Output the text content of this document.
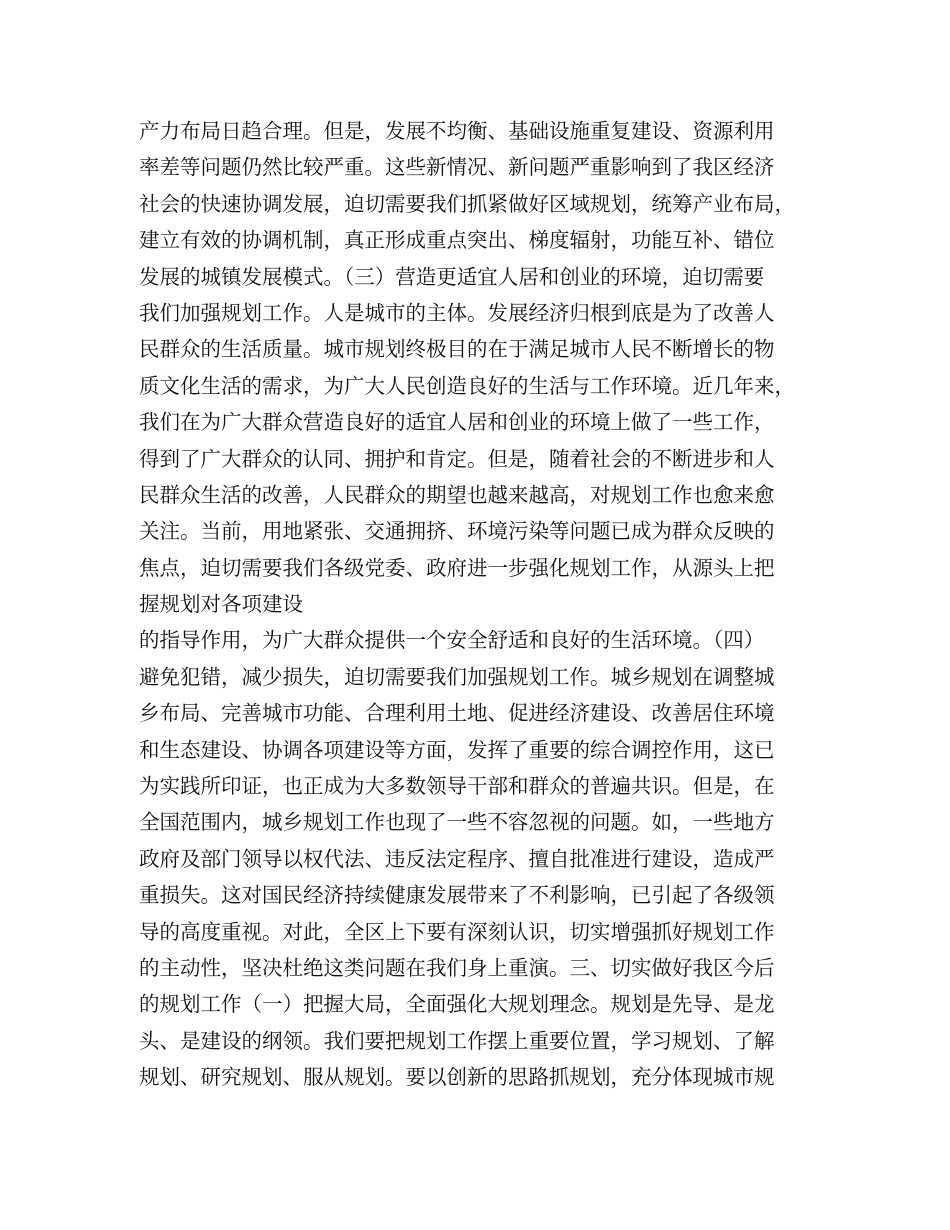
产力布局日趋合理。但是，发展不均衡、基础设施重复建设、资源利用
率差等问题仍然比较严重。这些新情况、新问题严重影响到了我区经济
社会的快速协调发展，迫切需要我们抓紧做好区域规划，统筹产业布局，
建立有效的协调机制，真正形成重点突出、梯度辐射，功能互补、错位
发展的城镇发展模式。（三）营造更适宜人居和创业的环境，迫切需要
我们加强规划工作。人是城市的主体。发展经济归根到底是为了改善人
民群众的生活质量。城市规划终极目的在于满足城市人民不断增长的物
质文化生活的需求，为广大人民创造良好的生活与工作环境。近几年来，
我们在为广大群众营造良好的适宜人居和创业的环境上做了一些工作，
得到了广大群众的认同、拥护和肯定。但是，随着社会的不断进步和人
民群众生活的改善，人民群众的期望也越来越高，对规划工作也愈来愈
关注。当前，用地紧张、交通拥挤、环境污染等问题已成为群众反映的
焦点，迫切需要我们各级党委、政府进一步强化规划工作，从源头上把
握规划对各项建设
的指导作用，为广大群众提供一个安全舒适和良好的生活环境。（四）
避免犯错，减少损失，迫切需要我们加强规划工作。城乡规划在调整城
乡布局、完善城市功能、合理利用土地、促进经济建设、改善居住环境
和生态建设、协调各项建设等方面，发挥了重要的综合调控作用，这已
为实践所印证，也正成为大多数领导干部和群众的普遍共识。但是，在
全国范围内，城乡规划工作也现了一些不容忽视的问题。如，一些地方
政府及部门领导以权代法、违反法定程序、擅自批准进行建设，造成严
重损失。这对国民经济持续健康发展带来了不利影响，已引起了各级领
导的高度重视。对此，全区上下要有深刻认识，切实增强抓好规划工作
的主动性，坚决杜绝这类问题在我们身上重演。三、切实做好我区今后
的规划工作（一）把握大局，全面强化大规划理念。规划是先导、是龙
头、是建设的纲领。我们要把规划工作摆上重要位置，学习规划、了解
规划、研究规划、服从规划。要以创新的思路抓规划，充分体现城市规
